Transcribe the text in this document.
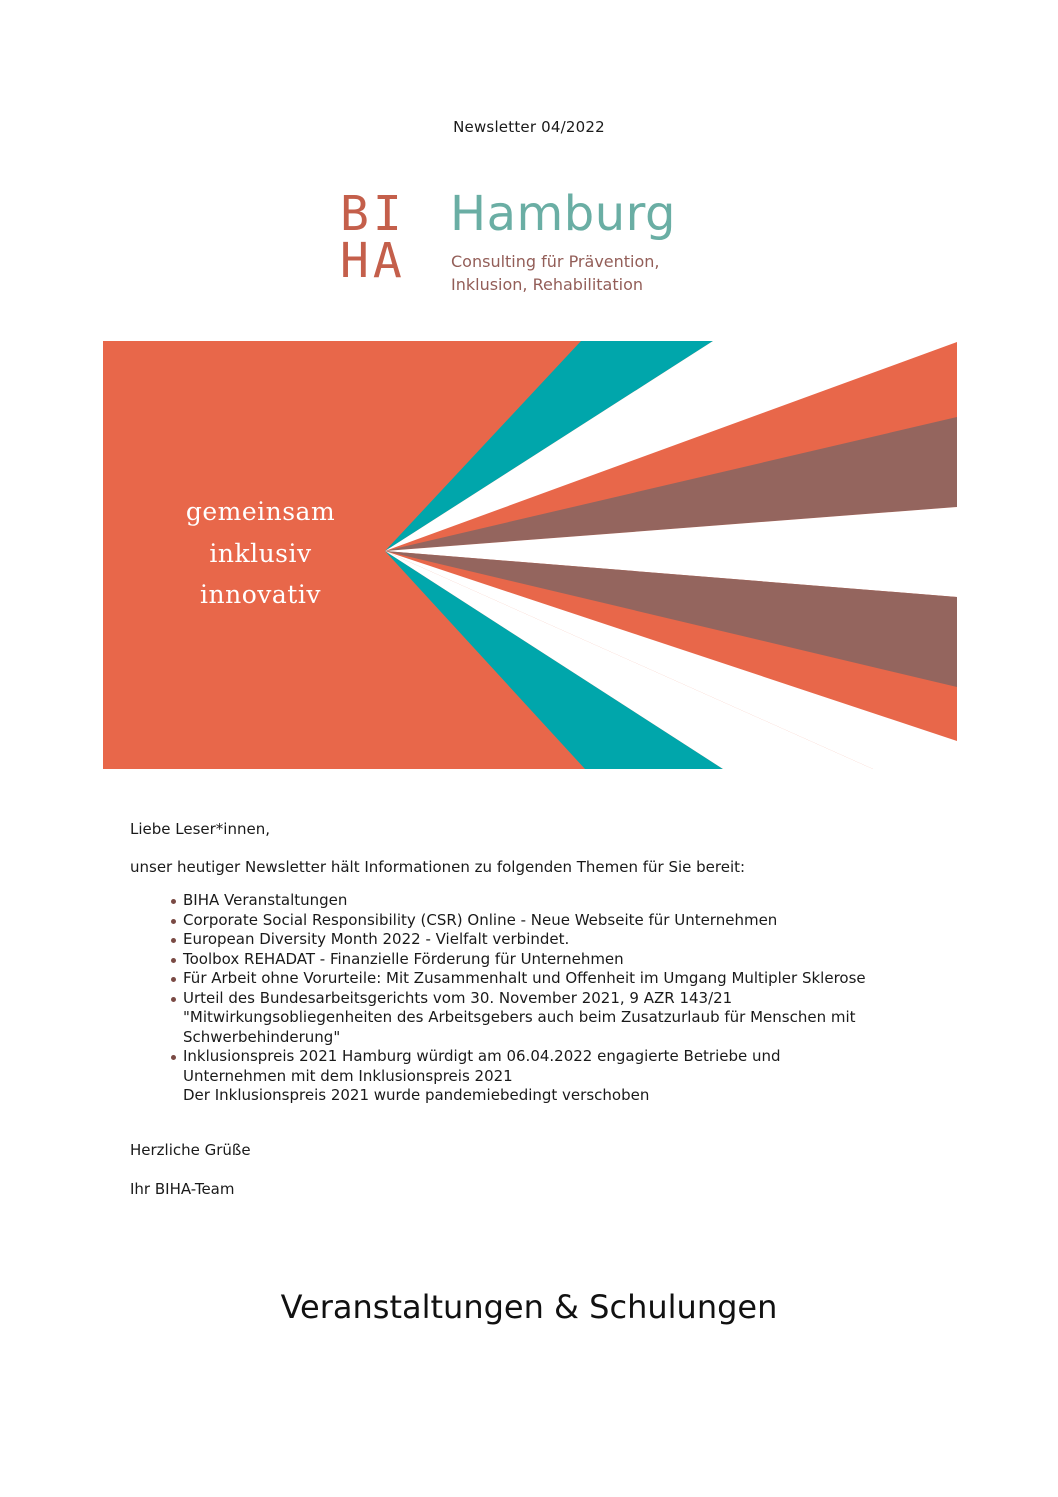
Newsletter 04/2022
BI
HA
Hamburg
Consulting für Prävention,
Inklusion, Rehabilitation
gemeinsam
inklusiv
innovativ

Liebe Leser*innen,

unser heutiger Newsletter hält Informationen zu folgenden Themen für Sie bereit:

BIHA Veranstaltungen
Corporate Social Responsibility (CSR) Online - Neue Webseite für Unternehmen
European Diversity Month 2022 - Vielfalt verbindet.
Toolbox REHADAT - Finanzielle Förderung für Unternehmen
Für Arbeit ohne Vorurteile: Mit Zusammenhalt und Offenheit im Umgang Multipler Sklerose
Urteil des Bundesarbeitsgerichts vom 30. November 2021, 9 AZR 143/21
"Mitwirkungsobliegenheiten des Arbeitsgebers auch beim Zusatzurlaub für Menschen mit
Schwerbehinderung"
Inklusionspreis 2021 Hamburg würdigt am 06.04.2022 engagierte Betriebe und
Unternehmen mit dem Inklusionspreis 2021
Der Inklusionspreis 2021 wurde pandemiebedingt verschoben

Herzliche Grüße

Ihr BIHA-Team

Veranstaltungen & Schulungen
